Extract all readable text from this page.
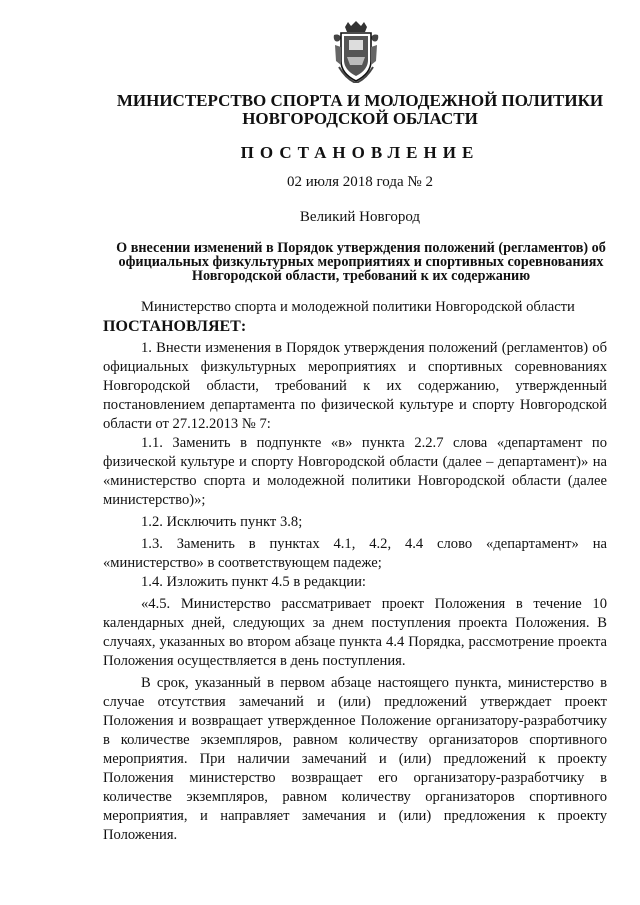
МИНИСТЕРСТВО СПОРТА И МОЛОДЕЖНОЙ ПОЛИТИКИ
НОВГОРОДСКОЙ ОБЛАСТИ
ПОСТАНОВЛЕНИЕ
02 июля 2018 года № 2
Великий Новгород
О внесении изменений в Порядок утверждения положений (регламентов) об официальных физкультурных мероприятиях и спортивных соревнованиях Новгородской области, требований к их содержанию

Министерство спорта и молодежной политики Новгородской области

ПОСТАНОВЛЯЕТ:

1. Внести изменения в Порядок утверждения положений (регламентов) об официальных физкультурных мероприятиях и спортивных соревнованиях Новгородской области, требований к их содержанию, утвержденный постановлением департамента по физической культуре и спорту Новгородской области от 27.12.2013 № 7:

1.1. Заменить в подпункте «в» пункта 2.2.7 слова «департамент по физической культуре и спорту Новгородской области (далее – департамент)» на «министерство спорта и молодежной политики Новгородской области (далее министерство)»;

1.2. Исключить пункт 3.8;

1.3. Заменить в пунктах 4.1, 4.2, 4.4 слово «департамент» на «министерство» в соответствующем падеже;

1.4. Изложить пункт 4.5 в редакции:

«4.5. Министерство рассматривает проект Положения в течение 10 календарных дней, следующих за днем поступления проекта Положения. В случаях, указанных во втором абзаце пункта 4.4 Порядка, рассмотрение проекта Положения осуществляется в день поступления.

В срок, указанный в первом абзаце настоящего пункта, министерство в случае отсутствия замечаний и (или) предложений утверждает проект Положения и возвращает утвержденное Положение организатору-разработчику в количестве экземпляров, равном количеству организаторов спортивного мероприятия. При наличии замечаний и (или) предложений к проекту Положения министерство возвращает его организатору-разработчику в количестве экземпляров, равном количеству организаторов спортивного мероприятия, и направляет замечания и (или) предложения к проекту Положения.
